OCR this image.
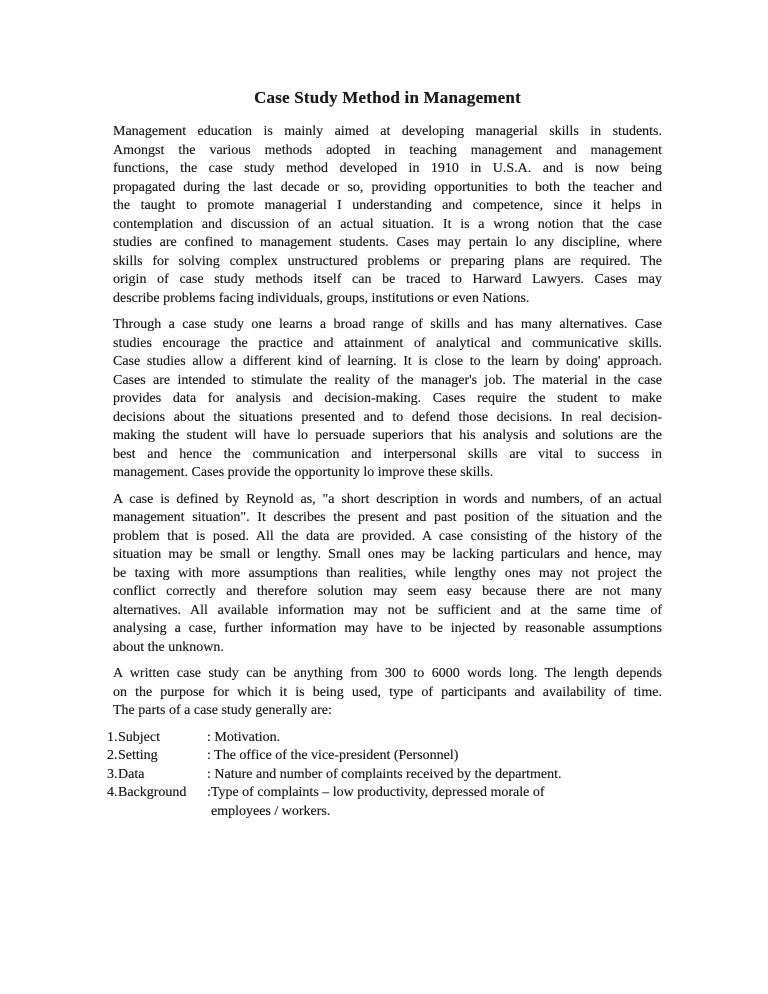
Case Study Method in Management
Management education is mainly aimed at developing managerial skills in students.
Amongst the various methods adopted in teaching management and management
functions, the case study method developed in 1910 in U.S.A. and is now being
propagated during the last decade or so, providing opportunities to both the teacher and
the taught to promote managerial I understanding and competence, since it helps in
contemplation and discussion of an actual situation. It is a wrong notion that the case
studies are confined to management students. Cases may pertain lo any discipline, where
skills for solving complex unstructured problems or preparing plans are required. The
origin of case study methods itself can be traced to Harward Lawyers. Cases may
describe problems facing individuals, groups, institutions or even Nations.
Through a case study one learns a broad range of skills and has many alternatives. Case
studies encourage the practice and attainment of analytical and communicative skills.
Case studies allow a different kind of learning. It is close to the learn by doing' approach.
Cases are intended to stimulate the reality of the manager's job. The material in the case
provides data for analysis and decision-making. Cases require the student to make
decisions about the situations presented and to defend those decisions. In real decision-
making the student will have lo persuade superiors that his analysis and solutions are the
best and hence the communication and interpersonal skills are vital to success in
management. Cases provide the opportunity lo improve these skills.
A case is defined by Reynold as, "a short description in words and numbers, of an actual
management situation". It describes the present and past position of the situation and the
problem that is posed. All the data are provided. A case consisting of the history of the
situation may be small or lengthy. Small ones may be lacking particulars and hence, may
be taxing with more assumptions than realities, while lengthy ones may not project the
conflict correctly and therefore solution may seem easy because there are not many
alternatives. All available information may not be sufficient and at the same time of
analysing a case, further information may have to be injected by reasonable assumptions
about the unknown.
A written case study can be anything from 300 to 6000 words long. The length depends
on the purpose for which it is being used, type of participants and availability of time.
The parts of a case study generally are:
1.Subject	: Motivation.
2.Setting	: The office of the vice-president (Personnel)
3.Data	: Nature and number of complaints received by the department.
4.Background	:Type of complaints – low productivity, depressed morale of
employees / workers.
